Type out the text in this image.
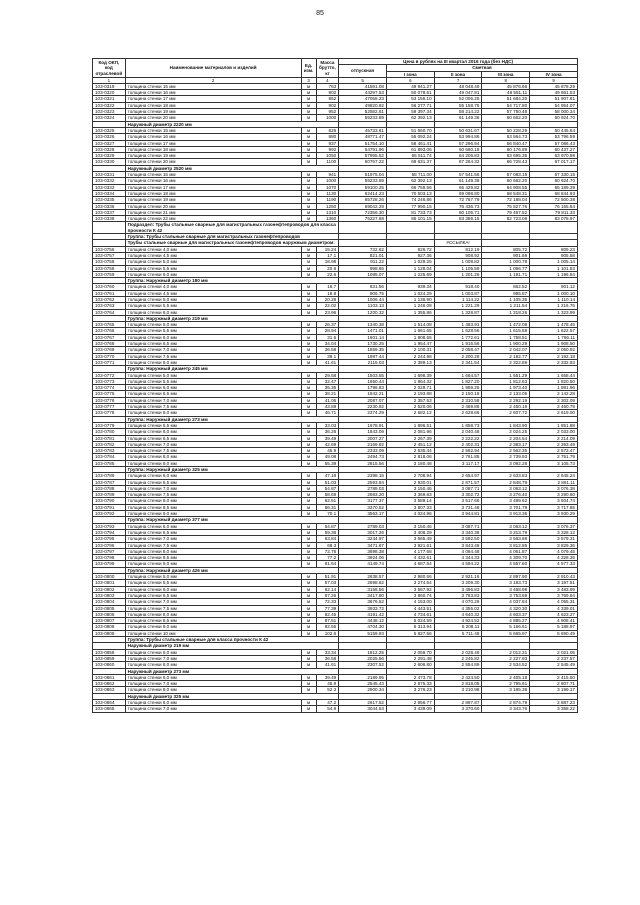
85
Код ОКП, код отраслевой	Наименование материалов и изделий	Ед. изм.	Масса брутто, кг	Цена в рублях на III квартал 2016 года (без НДС)				
				отпускная	Сметная			
					I зона	II зона	III зона	IV зона
1	2	3	4	5	6	7	8	9
103-0319	толщина стенки 15 мм	м	763	41591.08	49 941.27	48 048.49	45 876.66	45 878.29
103-0320	толщина стенки 16 мм	м	802	44297.53	50 078.51	49 047.81	48 551.11	49 861.53
103-0321	толщина стенки 17 мм	м	852	47058.23	53 156.10	52 006.25	51 684.20	51 907.81
103-0322	толщина стенки 18 мм	м	902	49820.92	56 277.71	55 158.75	54 717.80	54 954.07
103-0323	толщина стенки 19 мм	м	952	52582.61	59 397.34	58 214.22	57 750.46	58 000.34
103-0324	толщина стенки 20 мм	м	1000	55233.89	62 392.13	61 149.38	60 662.20	60 924.70
	Наружный диаметр 2220 мм							
103-0325	толщина стенки 15 мм	м	826	45733.61	51 660.70	50 631.67	50 228.29	50 445.64
103-0326	толщина стенки 16 мм	м	880	48771.47	55 092.24	53 994.86	53 564.73	53 796.59
103-0327	толщина стенки 17 мм	м	937	51754.10	58 461.41	57 296.94	56 840.47	57 086.43
103-0328	толщина стенки 18 мм	м	992	54791.96	61 893.06	60 660.18	60 176.89	60 437.27
103-0329	толщина стенки 19 мм	м	1050	57995.52	65 511.74	64 206.83	63 695.36	63 970.98
103-0330	толщина стенки 20 мм	м	1100	60757.22	68 631.37	67 264.32	66 728.43	67 017.17
	Наружный диаметр 2520 мм							
103-0331	толщина стенки 15 мм	м	941	51975.04	58 711.00	57 541.56	57 083.15	57 330.15
103-0332	толщина стенки 16 мм	м	1000	55233.89	62 392.13	61 149.38	60 662.20	60 924.70
103-0333	толщина стенки 17 мм	м	1070	59100.25	66 759.56	65 429.82	64 908.55	65 189.39
103-0334	толщина стенки 18 мм	м	1130	62414.23	70 503.13	69 098.80	68 548.31	68 844.93
103-0335	толщина стенки 19 мм	м	1190	65728.26	74 246.86	72 767.79	72 188.04	72 500.38
103-0336	толщина стенки 20 мм	м	1250	69042.29	77 990.15	76 436.73	75 827.76	76 155.84
103-0337	толщина стенки 21 мм	м	1310	72356.30	81 733.73	80 105.71	79 467.52	79 811.33
103-0338	толщина стенки 22 мм	м	1360	75227.68	85 101.15	83 386.15	82 723.08	83 078.97
	Подраздел: Трубы стальные сварные для магистральных газонефтепроводов для класса прочности К 42							
	Группа: Трубы стальные сварные для магистральных газонефтепроводов							
	Трубы стальные сварные для магистральных газонефтепроводов наружным диаметром:					#ССЫЛКА!		
103-0756	толщина стенки 4,0 мм	м	15.24	732.62	826.72	812.19	805.72	809.23
103-0757	толщина стенки 4,5 мм	м	17.1	821.01	927.36	908.92	901.69	905.58
103-0758	толщина стенки 5,0 мм	м	18.98	911.22	1 029.25	1 008.82	1 000.78	1 005.14
103-0758	толщина стенки 5,5 мм	м	20.8	998.65	1 128.04	1 105.59	1 096.77	1 101.53
103-0759	толщина стенки 6,0 мм	м	22.6	1085.07	1 225.69	1 201.26	1 191.71	1 196.84
	Группа: Наружный диаметр 180 мм							
103-0760	толщина стенки 4,0 мм	м	16.7	831.56	939.34	918.40	862.52	901.12
103-0761	толщина стенки 4,5 мм	м	18.8	906.75	1 024.29	1 003.87	995.87	1 000.10
103-0762	толщина стенки 5,0 мм	м	20.28	1006.44	1 136.90	1 114.22	1 105.36	1 110.14
103-0763	толщина стенки 5,5 мм	м	22.02	1103.13	1 246.08	1 221.29	1 211.54	1 216.76
103-0764	толщина стенки 6,0 мм	м	23.96	1200.32	1 355.86	1 328.87	1 318.26	1 323.99
	Группа: Наружный диаметр 219 мм							
103-0765	толщина стенки 5,0 мм	м	26.37	1340.38	1 514.08	1 483.91	1 472.08	1 478.45
103-0766	толщина стенки 5,5 мм	м	28.94	1471.01	1 661.65	1 628.56	1 615.59	1 622.57
103-0767	толщина стенки 6,0 мм	м	31.5	1601.14	1 808.65	1 772.61	1 758.51	1 766.11
103-0768	толщина стенки 6,5 мм	м	34.04	1730.25	1 954.47	1 915.56	1 900.29	1 908.50
103-0769	толщина стенки 7,0 мм	м	36.58	1859.35	2 100.31	2 058.47	2 042.07	2 050.92
103-0770	толщина стенки 7,5 мм	м	39.1	1987.44	2 244.98	2 200.28	2 182.77	2 192.18
103-0771	толщина стенки 8,0 мм	м	41.61	2115.03	2 389.13	2 341.54	2 322.89	2 332.93
	Группа: Наружный диаметр 245 мм							
103-0772	толщина стенки 5,0 мм	м	29.58	1503.55	1 698.39	1 664.57	1 651.29	1 658.44
103-0773	толщина стенки 5,5 мм	м	32.47	1650.44	1 864.32	1 827.20	1 812.63	1 820.50
103-0774	толщина стенки 6,0 мм	м	35.35	1796.83	2 029.71	1 989.26	1 973.40	1 981.96
103-0775	толщина стенки 6,5 мм	м	38.21	1942.21	2 193.88	2 150.18	2 133.05	2 142.28
103-0776	толщина стенки 7,0 мм	м	41.06	2087.07	2 357.53	2 310.58	2 292.19	2 302.09
103-0777	толщина стенки 7,5 мм	м	43.89	2230.92	2 520.06	2 469.88	2 450.19	2 460.79
103-0778	толщина стенки 8,0 мм	м	46.71	2374.29	2 682.12	2 628.66	2 607.72	2 619.00
	Группа: Наружный диаметр 273 мм							
103-0779	толщина стенки 5,5 мм	м	33.03	1678.91	1 896.51	1 858.73	1 843.90	1 851.88
103-0780	толщина стенки 6,0 мм	м	36.26	1843.09	2 081.96	2 040.48	2 024.25	2 033.00
103-0781	толщина стенки 6,5 мм	м	39.49	2007.27	2 267.39	2 222.22	2 204.54	2 214.09
103-0782	толщина стенки 7,0 мм	м	42.69	2169.92	2 451.12	2 402.31	2 383.17	2 393.49
103-0783	толщина стенки 7,5 мм	м	45.9	2333.09	2 635.44	2 582.94	2 562.35	2 573.47
103-0784	толщина стенки 8,0 мм	м	49.08	2494.73	2 818.06	2 761.85	2 739.93	2 751.79
103-0785	толщина стенки 9,0 мм	м	55.39	2815.56	3 180.48	3 117.17	3 092.28	3 105.73
	Группа: Наружный диаметр 325 мм							
103-0786	толщина стенки 6,0 мм	м	47.18	2398.15	2 708.94	2 654.97	2 633.83	2 645.24
103-0787	толщина стенки 6,5 мм	м	51.03	2593.84	2 930.01	2 871.57	2 848.79	2 861.11
103-0788	толщина стенки 7,0 мм	м	54.87	2789.03	3 150.46	3 087.71	3 063.12	3 076.38
103-0789	толщина стенки 7,5 мм	м	58.69	2983.20	3 369.83	3 302.72	3 276.40	3 290.60
103-0790	толщина стенки 8,0 мм	м	62.51	3177.37	3 589.14	3 517.66	3 489.62	3 504.74
103-0791	толщина стенки 8,5 мм	м	66.31	3370.52	3 807.33	3 731.48	3 701.79	3 717.85
103-0792	толщина стенки 9,0 мм	м	70.1	3563.17	4 024.96	3 944.81	3 913.36	3 930.29
	Группа: Наружный диаметр 377 мм							
103-0793	толщина стенки 6,0 мм	м	54.87	2789.03	3 150.46	3 087.71	3 063.12	3 076.37
103-0794	толщина стенки 6,5 мм	м	59.36	3017.26	3 408.29	3 340.38	3 313.79	3 328.12
103-0795	толщина стенки 7,0 мм	м	63.84	3244.97	3 665.49	3 592.50	3 563.88	3 579.31
103-0796	толщина стенки 7,5 мм	м	68.3	3471.67	3 921.61	3 843.48	3 812.85	3 829.36
103-0797	толщина стенки 8,0 мм	м	72.76	3698.38	4 177.68	4 094.48	4 061.87	4 079.45
103-0798	толщина стенки 8,5 мм	м	77.2	3924.06	4 432.61	4 344.33	4 309.70	4 328.35
103-0799	толщина стенки 9,0 мм	м	81.64	4149.74	4 687.54	4 594.22	4 557.60	4 577.33
	Группа: Наружный диаметр 426 мм							
103-0800	толщина стенки 5,0 мм	м	51.91	2638.57	2 980.56	2 921.16	2 897.90	2 910.43
103-0801	толщина стенки 5,5 мм	м	57.03	2898.82	3 274.54	3 209.30	3 183.73	3 197.51
103-0802	толщина стенки 6,0 мм	м	62.14	3158.56	3 567.92	3 496.83	3 468.98	3 483.99
103-0803	толщина стенки 6,5 мм	м	67.26	3417.80	3 860.74	3 783.83	3 753.69	3 769.94
103-0804	толщина стенки 7,0 мм	м	72.33	3676.52	4 153.00	4 070.26	4 037.84	4 055.31
103-0805	толщина стенки 7,5 мм	м	77.39	3933.72	4 443.51	4 355.02	4 320.30	4 339.01
103-0806	толщина стенки 8,0 мм	м	82.45	4191.42	4 734.61	4 640.32	4 603.37	4 623.27
103-0807	толщина стенки 8,5 мм	м	87.51	4448.12	5 024.59	4 924.52	4 885.27	4 906.41
103-0808	толщина стенки 9,0 мм	м	92.55	4704.30	5 313.94	5 208.11	5 166.61	5 188.97
103-0809	толщина стенки 10 мм	м	102.6	5159.93	5 827.56	5 711.48	5 665.97	5 690.49
	Группа: Трубы стальные сварные для класса прочности К 42							
	Наружный диаметр 219 мм							
103-0858	толщина стенки 6,0 мм	м	33.34	1812.25	2 059.70	2 028.48	2 012.31	2 021.05
103-0859	толщина стенки 7,0 мм	м	36.58	2025.56	2 291.48	2 245.82	2 227.93	2 237.57
103-0860	толщина стенки 8,0 мм	м	41.61	2307.52	2 606.80	2 554.89	2 534.52	2 545.49
	Наружный диаметр 273 мм							
103-0861	толщина стенки 6,0 мм	м	39.49	2189.95	2 473.78	2 424.50	2 405.18	2 415.60
103-0862	толщина стенки 7,0 мм	м	45.9	2545.43	2 875.33	2 818.05	2 795.61	2 807.71
103-0863	толщина стенки 8,0 мм	м	52.3	2900.34	3 276.23	3 210.98	3 185.38	3 199.17
	Наружный диаметр 325 мм							
103-0864	толщина стенки 6,0 мм	м	47.2	2617.52	2 956.77	2 897.87	2 874.79	2 887.23
103-0865	толщина стенки 7,0 мм	м	54.9	3044.53	3 439.09	3 370.60	3 343.76	3 358.22
